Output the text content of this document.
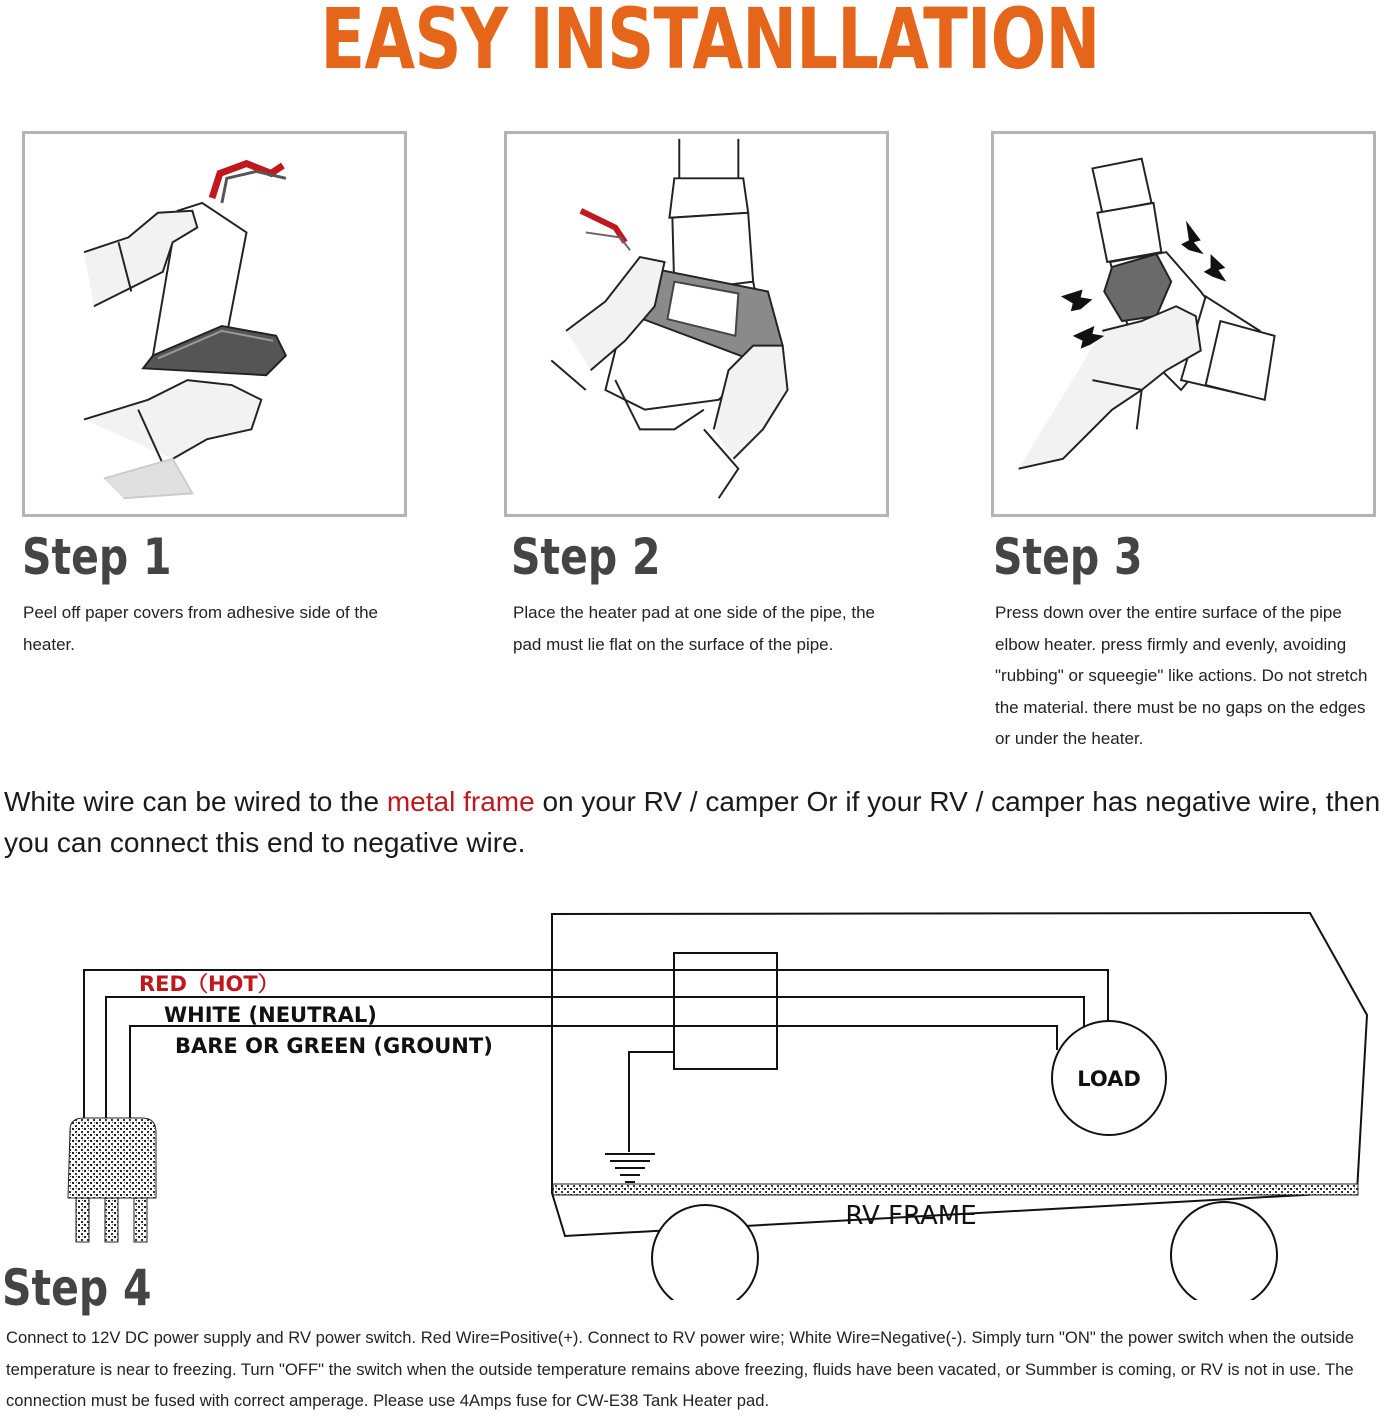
EASY INSTANLLATION
Step 1
Peel off paper covers from adhesive side of the heater.
Step 2
Place the heater pad at one side of the pipe, the pad must lie flat on the surface of the pipe.
Step 3
Press down over the entire surface of the pipe elbow heater. press firmly and evenly, avoiding "rubbing" or squeegie" like actions. Do not stretch the material. there must be no gaps on the edges or under the heater.
White wire can be wired to the metal frame on your RV / camper Or if your RV / camper has negative wire, then you can connect this end to negative wire.
RED（HOT）
WHITE (NEUTRAL)
BARE OR GREEN (GROUNT)
LOAD
RV FRAME
Step 4
Connect to 12V DC power supply and RV power switch. Red Wire=Positive(+). Connect to RV power wire; White Wire=Negative(-). Simply turn "ON" the power switch when the outside temperature is near to freezing. Turn "OFF" the switch when the outside temperature remains above freezing, fluids have been vacated, or Summber is coming, or RV is not in use. The connection must be fused with correct amperage. Please use 4Amps fuse for CW-E38 Tank Heater pad.
